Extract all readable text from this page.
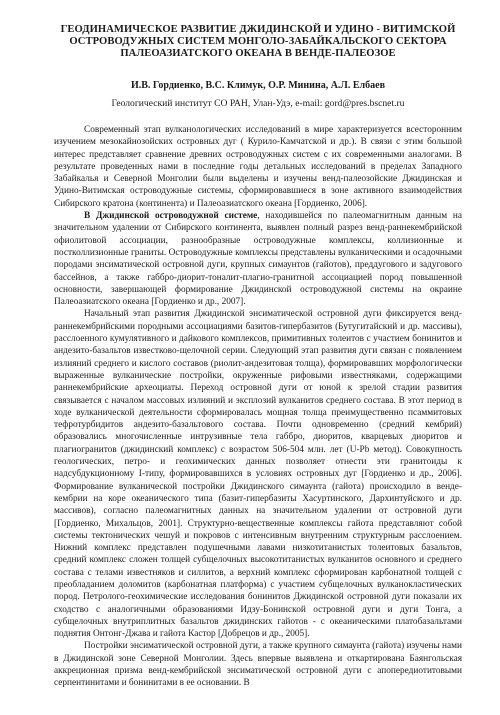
ГЕОДИНАМИЧЕСКОЕ РАЗВИТИЕ ДЖИДИНСКОЙ И УДИНО - ВИТИМСКОЙ ОСТРОВОДУЖНЫХ СИСТЕМ МОНГОЛО-ЗАБАЙКАЛЬСКОГО СЕКТОРА ПАЛЕОАЗИАТСКОГО ОКЕАНА В ВЕНДЕ-ПАЛЕОЗОЕ

И.В. Гордиенко, В.С. Климук, О.Р. Минина, А.Л. Елбаев

Геологический институт СО РАН, Улан-Удэ, e-mail: gord@pres.bscnet.ru

Современный этап вулканологических исследований в мире характеризуется всесторонним изучением мезокайнозойских островных дуг ( Курило-Камчатской и др.). В связи с этим большой интерес представляет сравнение древних островодужных систем с их современными аналогами. В результате проведенных нами в последние годы детальных исследований в пределах Западного Забайкалья и Северной Монголии были выделены и изучены венд-палеозойские Джидинская и Удино-Витимская островодужные системы, сформировавшиеся в зоне активного взаимодействия Сибирского кратона (континента) и Палеоазиатского океана [Гордиенко, 2006].

В Джидинской островодужной системе, находившейся по палеомагнитным данным на значительном удалении от Сибирского континента, выявлен полный разрез венд-раннекембрийской офиолитовой ассоциации, разнообразные островодужные комплексы, коллизионные и постколлизионные граниты. Островодужные комплексы представлены вулканическими и осадочными породами энсиматической островной дуги, крупных симаунтов (гайотов), преддугового и задугового бассейнов, а также габбро-диорит-тоналит-плагио-гранитной ассоциацией пород повышенной основности, завершающей формирование Джидинской островодужной системы на окраине Палеоазиатского океана [Гордиенко и др., 2007].

Начальный этап развития Джидинской энсиматической островной дуги фиксируется венд-раннекембрийскими породными ассоциациями базитов-гипербазитов (Бутугитайский и др. массивы), расслоенного кумулятивного и дайкового комплексов, примитивных толеитов с участием бонинитов и андезито-базальтов известково-щелочной серии. Следующий этап развития дуги связан с появлением излияний среднего и кислого составов (риолит-андезитовая толща), формировавших морфологически выраженные вулканические постройки, окруженные рифовыми известняками, содержащими раннекембрийские археоциаты. Переход островной дуги от юной к зрелой стадии развития связывается с началом массовых излияний и эксплозий вулканитов среднего состава. В этот период в ходе вулканической деятельности сформировалась мощная толща преимущественно псаммитовых тефротурбидитов андезито-базальтового состава. Почти одновременно (средний кембрий) образовались многочисленные интрузивные тела габбро, диоритов, кварцевых диоритов и плагиогранитов (джидинский комплекс) с возрастом 506-504 млн. лет (U-Pb метод). Совокупность геологических, петро- и геохимических данных позволяет отнести эти гранитоиды к надсубдукционному I-типу, формировавшихся в условиях островных дуг [Гордиенко и др., 2006]. Формирование вулканической постройки Джидинского симаунта (гайота) происходило в венде-кембрии на коре океанического типа (базит-гипербазиты Хасуртинского, Дархинтуйского и др. массивов), согласно палеомагнитных данных на значительном удалении от островной дуги [Гордиенко, Михальцов, 2001]. Структурно-вещественные комплексы гайота представляют собой системы тектонических чешуй и покровов с интенсивным внутренним структурным расслоением. Нижний комплекс представлен подушечными лавами низкотитанистых толеитовых базальтов, средний комплекс сложен толщей субщелочных высокотитанистых вулканитов основного и среднего состава с телами известняков и силлитов, а верхний комплекс сформирован карбонатной толщей с преобладанием доломитов (карбонатная платформа) с участием субщелочных вулканокластических пород. Петролого-геохимические исследования бонинитов Джидинской островной дуги показали их сходство с аналогичными образованиями Идзу-Бонинской островной дуги и дуги Тонга, а субщелочных внутриплитных базальтов джидинских гайотов - с океаническими платобазальтами поднятия Онтонг-Джава и гайота Кастор [Добрецов и др., 2005].

Постройки энсиматической островной дуги, а также крупного симаунта (гайота) изучены нами в Джидинской зоне Северной Монголии. Здесь впервые выявлена и откартирована Баянгольская аккреционная призма венд-кембрийской энсиматической островной дуги с апопередиотитовыми серпентинитами и бонинитами в ее основании. В
